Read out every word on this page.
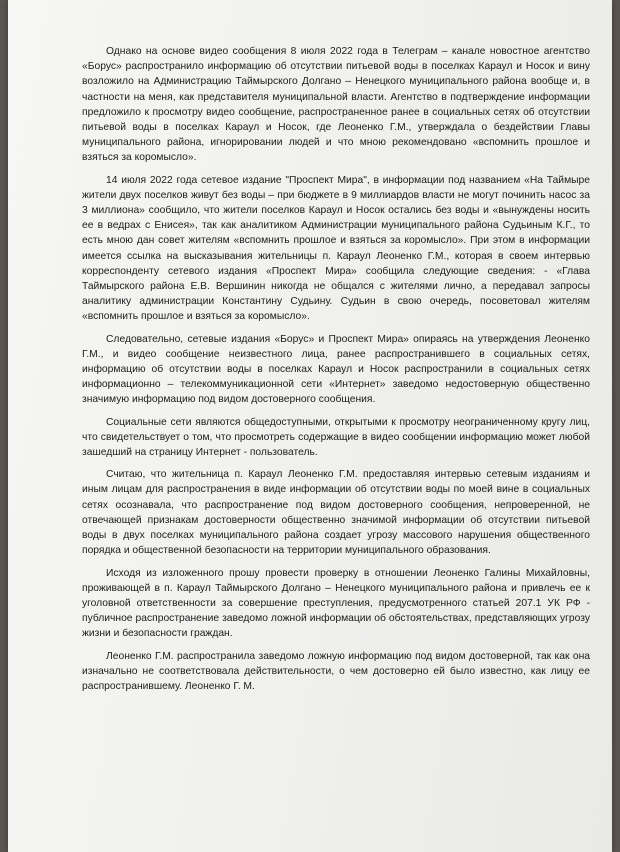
Однако на основе видео сообщения 8 июля 2022 года в Телеграм – канале новостное агентство «Борус» распространило информацию об отсутствии питьевой воды в поселках Караул и Носок и вину возложило на Администрацию Таймырского Долгано – Ненецкого муниципального района вообще и, в частности на меня, как представителя муниципальной власти. Агентство в подтверждение информации предложило к просмотру видео сообщение, распространенное ранее в социальных сетях об отсутствии питьевой воды в поселках Караул и Носок, где Леоненко Г.М., утверждала о бездействии Главы муниципального района, игнорировании людей и что мною рекомендовано «вспомнить прошлое и взяться за коромысло».

14 июля 2022 года сетевое издание "Проспект Мира", в информации под названием «На Таймыре жители двух поселков живут без воды – при бюджете в 9 миллиардов власти не могут починить насос за 3 миллиона» сообщило, что жители поселков Караул и Носок остались без воды и «вынуждены носить ее в ведрах с Енисея», так как аналитиком Администрации муниципального района Судьиным К.Г., то есть мною дан совет жителям «вспомнить прошлое и взяться за коромысло». При этом в информации имеется ссылка на высказывания жительницы п. Караул Леоненко Г.М., которая в своем интервью корреспонденту сетевого издания «Проспект Мира» сообщила следующие сведения: - «Глава Таймырского района Е.В. Вершинин никогда не общался с жителями лично, а передавал запросы аналитику администрации Константину Судьину. Судьин в свою очередь, посоветовал жителям «вспомнить прошлое и взяться за коромысло».

Следовательно, сетевые издания «Борус» и Проспект Мира» опираясь на утверждения Леоненко Г.М., и видео сообщение неизвестного лица, ранее распространившего в социальных сетях, информацию об отсутствии воды в поселках Караул и Носок распространили в социальных сетях информационно – телекоммуникационной сети «Интернет» заведомо недостоверную общественно значимую информацию под видом достоверного сообщения.

Социальные сети являются общедоступными, открытыми к просмотру неограниченному кругу лиц, что свидетельствует о том, что просмотреть содержащие в видео сообщении информацию может любой зашедший на страницу Интернет - пользователь.

Считаю, что жительница п. Караул Леоненко Г.М. предоставляя интервью сетевым изданиям и иным лицам для распространения в виде информации об отсутствии воды по моей вине в социальных сетях осознавала, что распространение под видом достоверного сообщения, непроверенной, не отвечающей признакам достоверности общественно значимой информации об отсутствии питьевой воды в двух поселках муниципального района создает угрозу массового нарушения общественного порядка и общественной безопасности на территории муниципального образования.

Исходя из изложенного прошу провести проверку в отношении Леоненко Галины Михайловны, проживающей в п. Караул Таймырского Долгано – Ненецкого муниципального района и привлечь ее к уголовной ответственности за совершение преступления, предусмотренного статьей 207.1 УК РФ - публичное распространение заведомо ложной информации об обстоятельствах, представляющих угрозу жизни и безопасности граждан.

Леоненко Г.М. распространила заведомо ложную информацию под видом достоверной, так как она изначально не соответствовала действительности, о чем достоверно ей было известно, как лицу ее распространившему. Леоненко Г. М.
